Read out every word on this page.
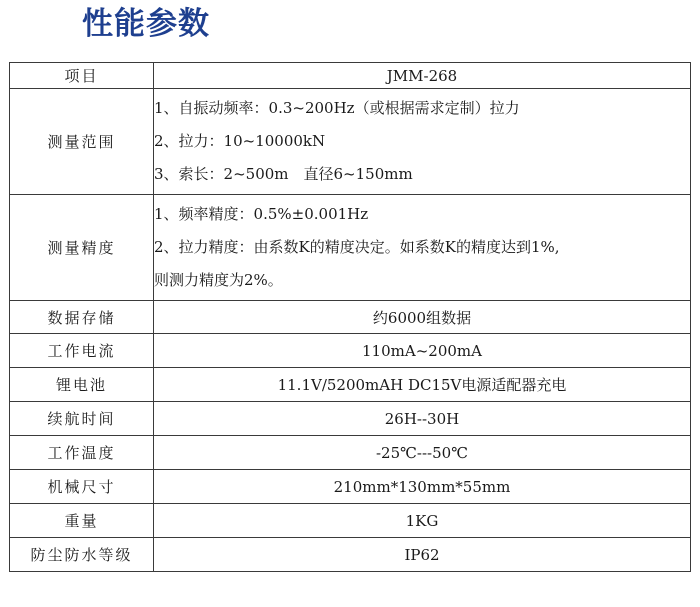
性能参数
项目	JMM-268
测量范围	1、自振动频率：0.3~200Hz（或根据需求定制）拉力
2、拉力：10~10000kN
3、索长：2~500m　直径6~150mm

测量精度	1、频率精度：0.5%±0.001Hz
2、拉力精度：由系数K的精度决定。如系数K的精度达到1%,
则测力精度为2%。

数据存储	约6000组数据
工作电流	110mA~200mA
锂电池	11.1V/5200mAH DC15V电源适配器充电
续航时间	26H--30H
工作温度	-25℃---50℃
机械尺寸	210mm*130mm*55mm
重量	1KG
防尘防水等级	IP62
